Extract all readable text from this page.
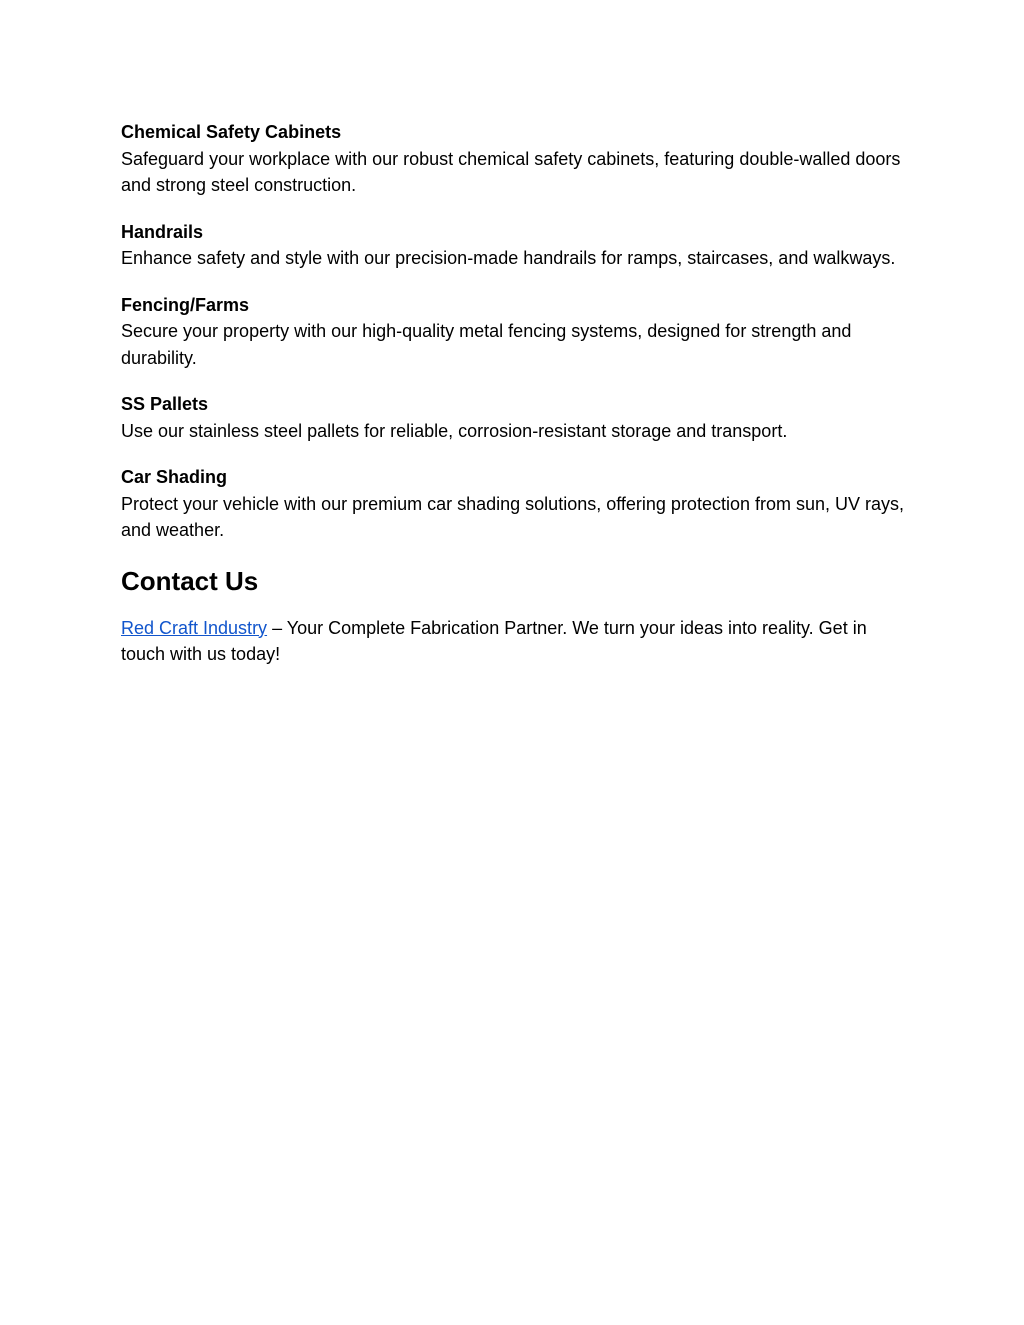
Chemical Safety Cabinets

Safeguard your workplace with our robust chemical safety cabinets, featuring double-walled doors and strong steel construction.

Handrails

Enhance safety and style with our precision-made handrails for ramps, staircases, and walkways.

Fencing/Farms

Secure your property with our high-quality metal fencing systems, designed for strength and durability.

SS Pallets

Use our stainless steel pallets for reliable, corrosion-resistant storage and transport.

Car Shading

Protect your vehicle with our premium car shading solutions, offering protection from sun, UV rays, and weather.

Contact Us

Red Craft Industry – Your Complete Fabrication Partner. We turn your ideas into reality. Get in touch with us today!
